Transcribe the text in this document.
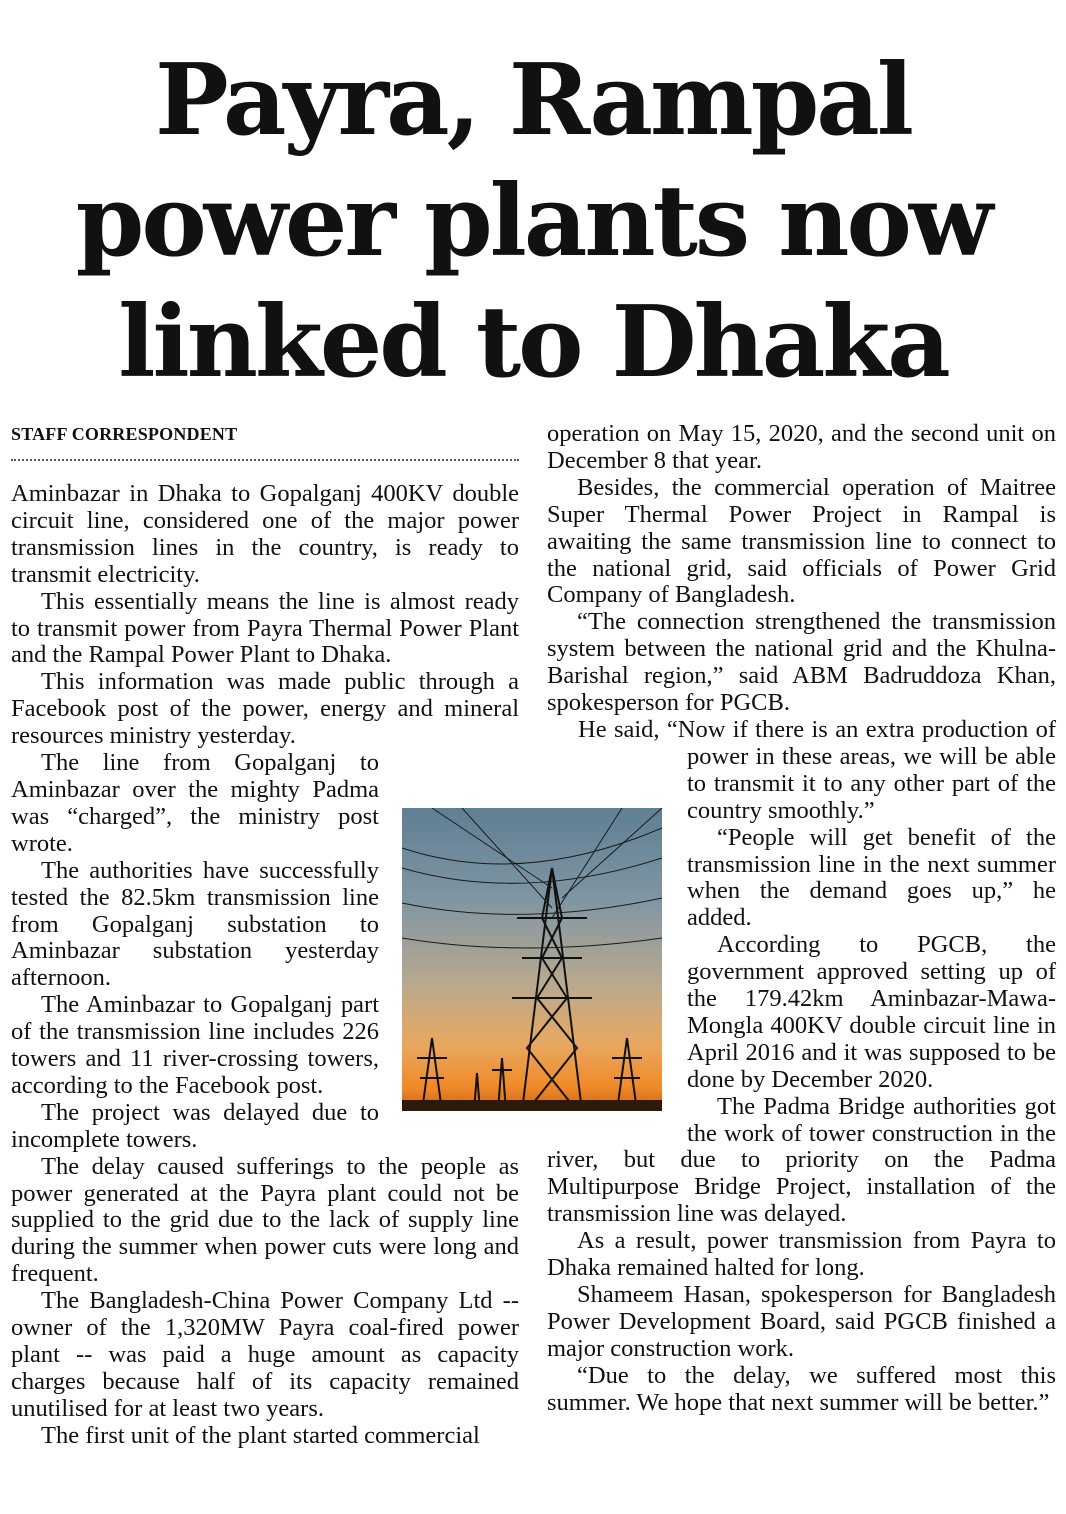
Payra, Rampal
power plants now
linked to Dhaka
STAFF CORRESPONDENT

Aminbazar in Dhaka to Gopalganj 400KV double circuit line, considered one of the major power transmission lines in the country, is ready to transmit electricity.

This essentially means the line is almost ready to transmit power from Payra Thermal Power Plant and the Rampal Power Plant to Dhaka.

This information was made public through a Facebook post of the power, energy and mineral resources ministry yesterday.

The line from Gopalganj to Aminbazar over the mighty Padma was “charged”, the ministry post wrote.

The authorities have successfully tested the 82.5km transmission line from Gopalganj substation to Aminbazar substation yesterday afternoon.

The Aminbazar to Gopalganj part of the transmission line includes 226 towers and 11 river-crossing towers, according to the Facebook post.

The project was delayed due to incomplete towers.

The delay caused sufferings to the people as power generated at the Payra plant could not be supplied to the grid due to the lack of supply line during the summer when power cuts were long and frequent.

The Bangladesh-China Power Company Ltd -- owner of the 1,320MW Payra coal-fired power plant -- was paid a huge amount as capacity charges because half of its capacity remained unutilised for at least two years.

The first unit of the plant started commercial

operation on May 15, 2020, and the second unit on December 8 that year.

Besides, the commercial operation of Maitree Super Thermal Power Project in Rampal is awaiting the same transmission line to connect to the national grid, said officials of Power Grid Company of Bangladesh.

“The connection strengthened the transmission system between the national grid and the Khulna-Barishal region,” said ABM Badruddoza Khan, spokesperson for PGCB.

He said, “Now if there is an extra production of power in these areas, we will be able to transmit it to any other part of the country smoothly.”

“People will get benefit of the transmission line in the next summer when the demand goes up,” he added.

According to PGCB, the government approved setting up of the 179.42km Aminbazar-Mawa-Mongla 400KV double circuit line in April 2016 and it was supposed to be done by December 2020.

The Padma Bridge authorities got the work of tower construction in the river, but due to priority on the Padma Multipurpose Bridge Project, installation of the transmission line was delayed.

As a result, power transmission from Payra to Dhaka remained halted for long.

Shameem Hasan, spokesperson for Bangladesh Power Development Board, said PGCB finished a major construction work.

“Due to the delay, we suffered most this summer. We hope that next summer will be better.”
